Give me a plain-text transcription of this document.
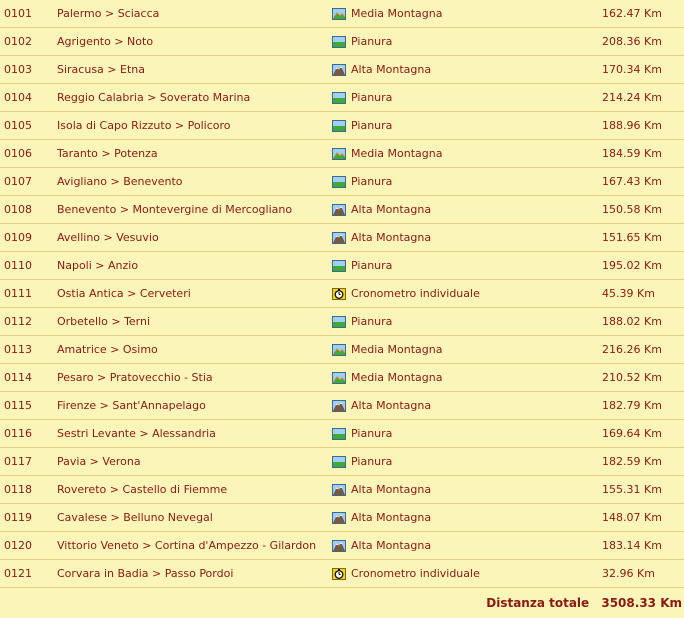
0101	Palermo > Sciacca	Media Montagna	162.47 Km
0102	Agrigento > Noto	Pianura	208.36 Km
0103	Siracusa > Etna	Alta Montagna	170.34 Km
0104	Reggio Calabria > Soverato Marina	Pianura	214.24 Km
0105	Isola di Capo Rizzuto > Policoro	Pianura	188.96 Km
0106	Taranto > Potenza	Media Montagna	184.59 Km
0107	Avigliano > Benevento	Pianura	167.43 Km
0108	Benevento > Montevergine di Mercogliano	Alta Montagna	150.58 Km
0109	Avellino > Vesuvio	Alta Montagna	151.65 Km
0110	Napoli > Anzio	Pianura	195.02 Km
0111	Ostia Antica > Cerveteri	Cronometro individuale	45.39 Km
0112	Orbetello > Terni	Pianura	188.02 Km
0113	Amatrice > Osimo	Media Montagna	216.26 Km
0114	Pesaro > Pratovecchio - Stia	Media Montagna	210.52 Km
0115	Firenze > Sant'Annapelago	Alta Montagna	182.79 Km
0116	Sestri Levante > Alessandria	Pianura	169.64 Km
0117	Pavia > Verona	Pianura	182.59 Km
0118	Rovereto > Castello di Fiemme	Alta Montagna	155.31 Km
0119	Cavalese > Belluno Nevegal	Alta Montagna	148.07 Km
0120	Vittorio Veneto > Cortina d'Ampezzo - Gilardon	Alta Montagna	183.14 Km
0121	Corvara in Badia > Passo Pordoi	Cronometro individuale	32.96 Km
Distanza totale 3508.33 Km			
